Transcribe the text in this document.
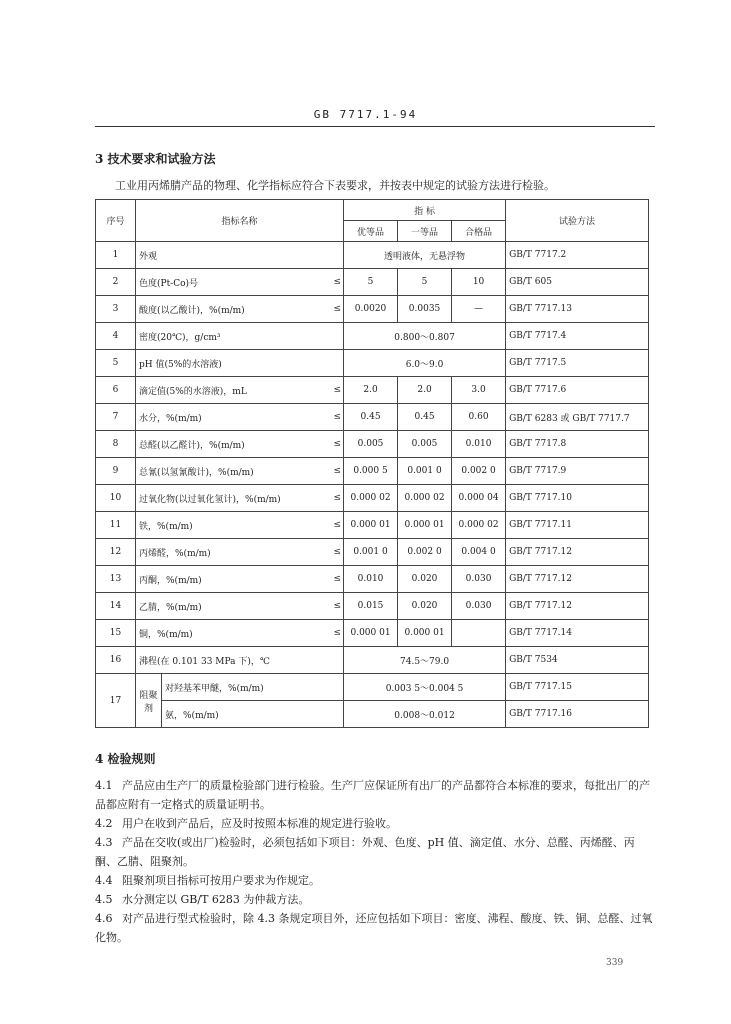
GB 7717.1-94
3 技术要求和试验方法
工业用丙烯腈产品的物理、化学指标应符合下表要求，并按表中规定的试验方法进行检验。
序号	指标名称			指 标			试验方法
				优等品	一等品	合格品	
1	外观			透明液体，无悬浮物			GB/T 7717.2
2	色度(Pt-Co)号		≤	5	5	10	GB/T 605
3	酸度(以乙酸计)，%(m/m)		≤	0.0020	0.0035	—	GB/T 7717.13
4	密度(20℃)，g/cm³			0.800～0.807			GB/T 7717.4
5	pH 值(5%的水溶液)			6.0～9.0			GB/T 7717.5
6	滴定值(5%的水溶液)，mL		≤	2.0	2.0	3.0	GB/T 7717.6
7	水分，%(m/m)		≤	0.45	0.45	0.60	GB/T 6283 或 GB/T 7717.7
8	总醛(以乙醛计)，%(m/m)		≤	0.005	0.005	0.010	GB/T 7717.8
9	总氰(以氢氰酸计)，%(m/m)		≤	0.000 5	0.001 0	0.002 0	GB/T 7717.9
10	过氧化物(以过氧化氢计)，%(m/m)		≤	0.000 02	0.000 02	0.000 04	GB/T 7717.10
11	铁，%(m/m)		≤	0.000 01	0.000 01	0.000 02	GB/T 7717.11
12	丙烯醛，%(m/m)		≤	0.001 0	0.002 0	0.004 0	GB/T 7717.12
13	丙酮，%(m/m)		≤	0.010	0.020	0.030	GB/T 7717.12
14	乙腈，%(m/m)		≤	0.015	0.020	0.030	GB/T 7717.12
15	铜，%(m/m)		≤	0.000 01	0.000 01		GB/T 7717.14
16	沸程(在 0.101 33 MPa 下)，℃			74.5～79.0			GB/T 7534
17	阻聚剂	对羟基苯甲醚，%(m/m)		0.003 5～0.004 5			GB/T 7717.15
		氨，%(m/m)		0.008～0.012			GB/T 7717.16
4 检验规则
4.1 产品应由生产厂的质量检验部门进行检验。生产厂应保证所有出厂的产品都符合本标准的要求，每批出厂的产品都应附有一定格式的质量证明书。
4.2 用户在收到产品后，应及时按照本标准的规定进行验收。
4.3 产品在交收(或出厂)检验时，必须包括如下项目：外观、色度、pH 值、滴定值、水分、总醛、丙烯醛、丙酮、乙腈、阻聚剂。
4.4 阻聚剂项目指标可按用户要求为作规定。
4.5 水分测定以 GB/T 6283 为仲裁方法。
4.6 对产品进行型式检验时，除 4.3 条规定项目外，还应包括如下项目：密度、沸程、酸度、铁、铜、总醛、过氧化物。
339
